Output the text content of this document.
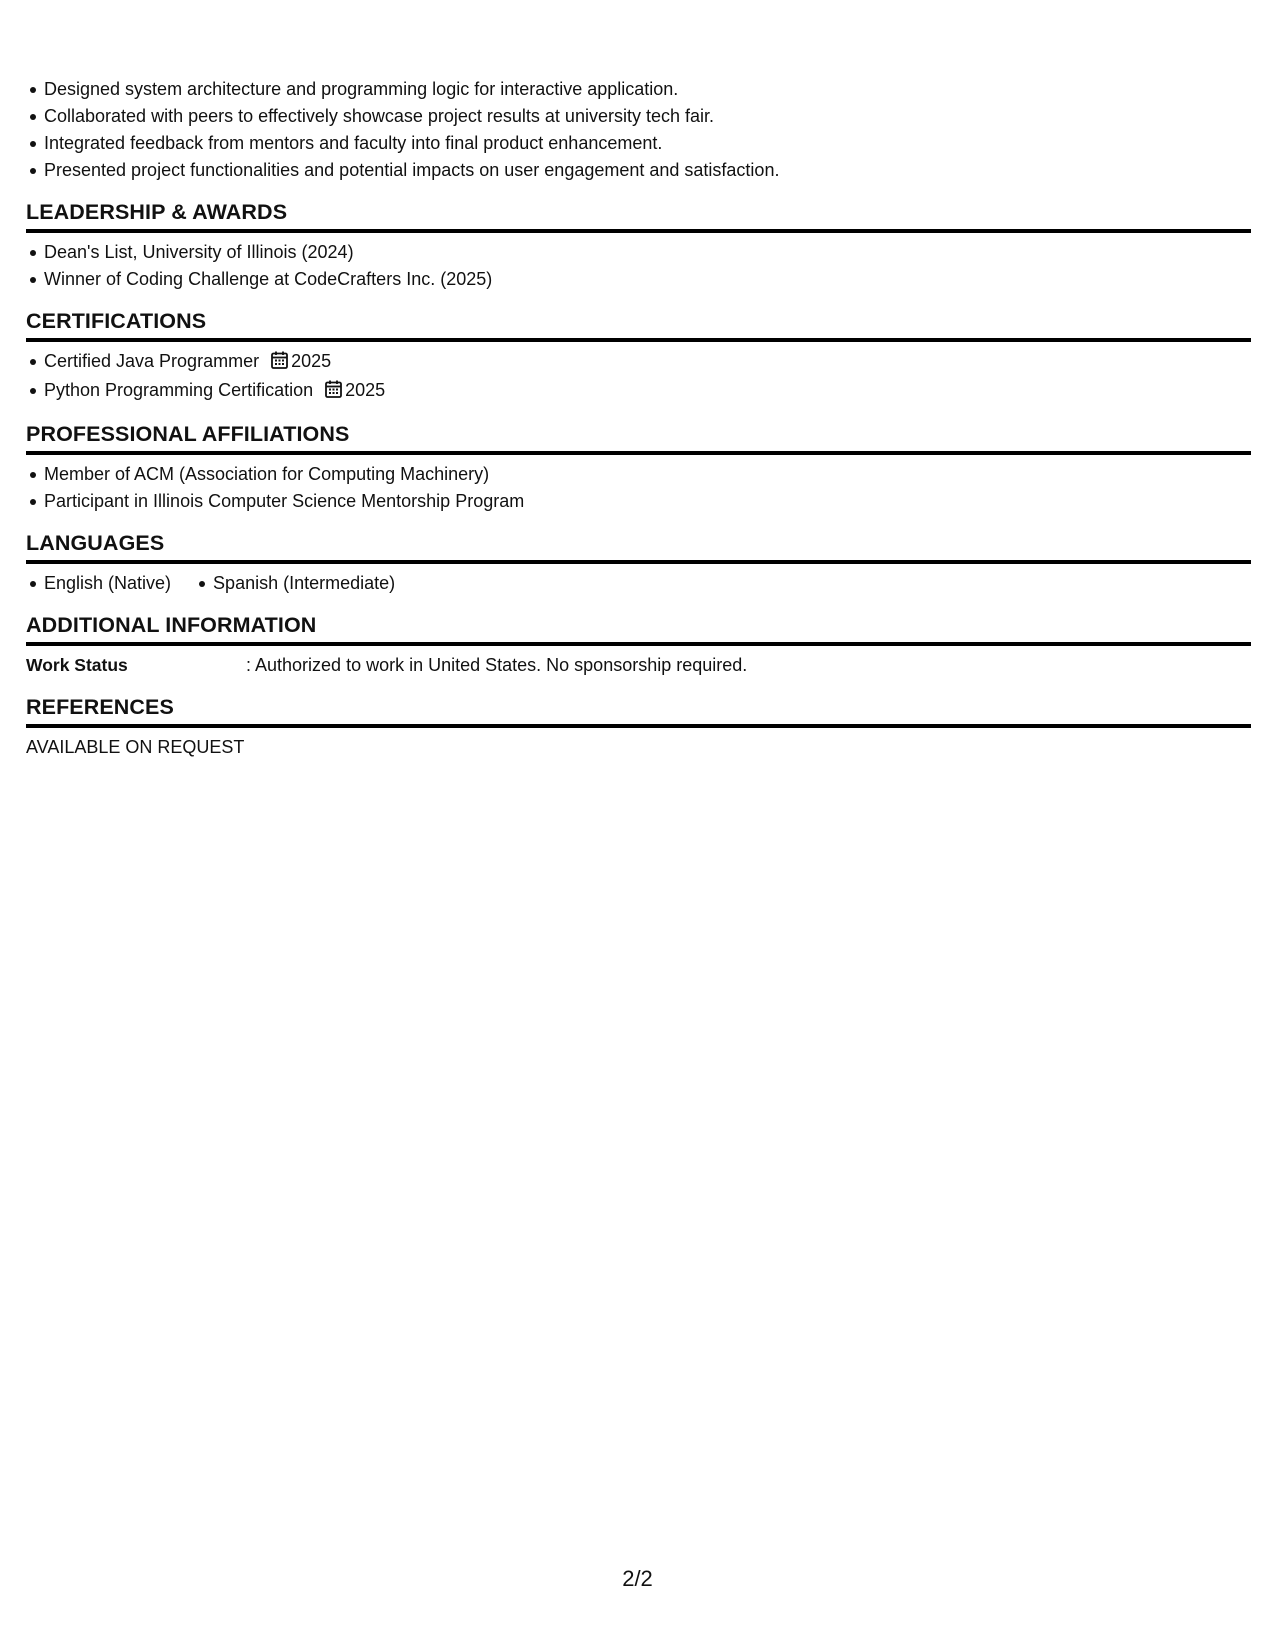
Designed system architecture and programming logic for interactive application.
Collaborated with peers to effectively showcase project results at university tech fair.
Integrated feedback from mentors and faculty into final product enhancement.
Presented project functionalities and potential impacts on user engagement and satisfaction.
LEADERSHIP & AWARDS
Dean's List, University of Illinois (2024)
Winner of Coding Challenge at CodeCrafters Inc. (2025)
CERTIFICATIONS
Certified Java Programmer 2025
Python Programming Certification 2025
PROFESSIONAL AFFILIATIONS
Member of ACM (Association for Computing Machinery)
Participant in Illinois Computer Science Mentorship Program
LANGUAGES
English (Native)	Spanish (Intermediate)
ADDITIONAL INFORMATION
Work Status	: Authorized to work in United States. No sponsorship required.
REFERENCES
AVAILABLE ON REQUEST
2/2
